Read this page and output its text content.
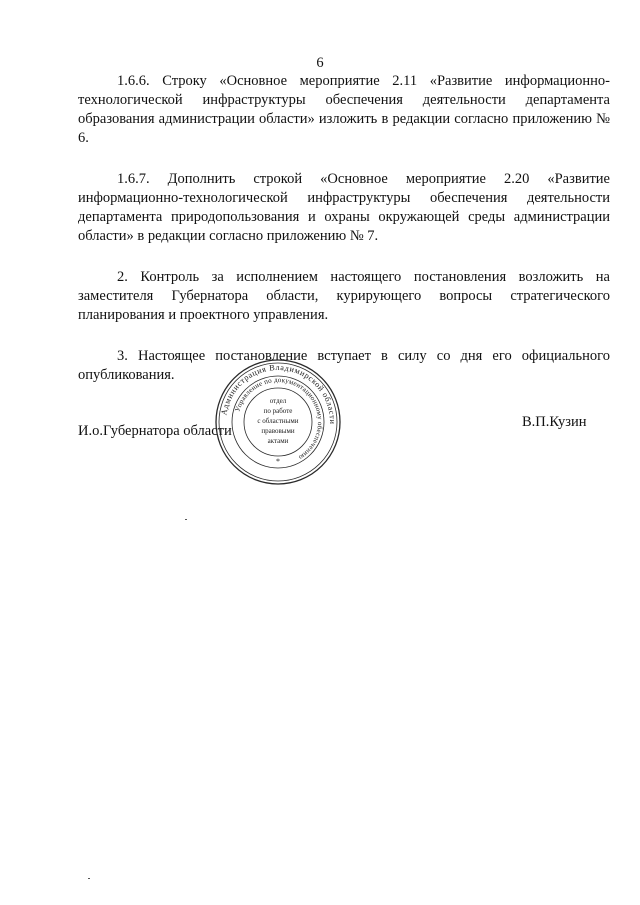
6

1.6.6. Строку «Основное мероприятие 2.11 «Развитие информационно-технологической инфраструктуры обеспечения деятельности департамента образования администрации области» изложить в редакции согласно приложению № 6.

1.6.7. Дополнить строкой «Основное мероприятие 2.20 «Развитие информационно-технологической инфраструктуры обеспечения деятельности департамента природопользования и охраны окружающей среды администрации области» в редакции согласно приложению № 7.

2. Контроль за исполнением настоящего постановления возложить на заместителя Губернатора области, курирующего вопросы стратегического планирования и проектного управления.

3. Настоящее постановление вступает в силу со дня его официального опубликования.

И.о.Губернатора области
В.П.Кузин
Администрация Владимирской области
Управление по документационному обеспечению
*
отдел
по работе
с областными
правовыми
актами
